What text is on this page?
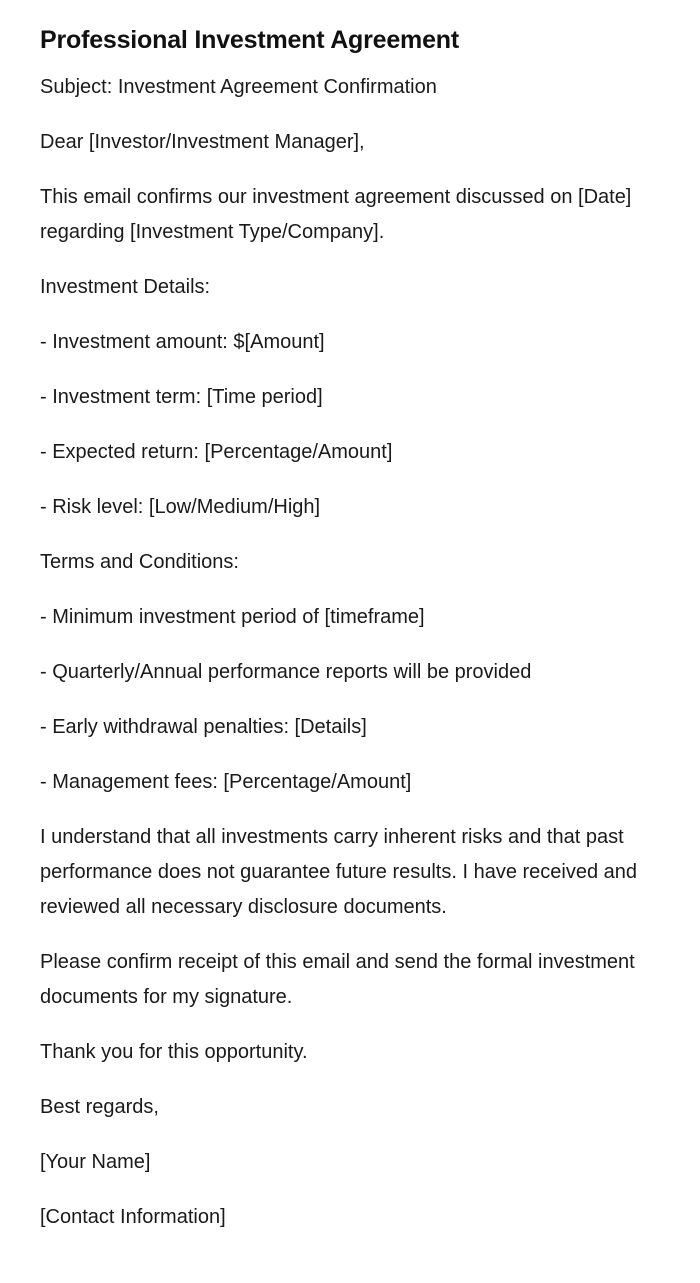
Professional Investment Agreement

Subject: Investment Agreement Confirmation

Dear [Investor/Investment Manager],

This email confirms our investment agreement discussed on [Date] regarding [Investment Type/Company].

Investment Details:

- Investment amount: $[Amount]

- Investment term: [Time period]

- Expected return: [Percentage/Amount]

- Risk level: [Low/Medium/High]

Terms and Conditions:

- Minimum investment period of [timeframe]

- Quarterly/Annual performance reports will be provided

- Early withdrawal penalties: [Details]

- Management fees: [Percentage/Amount]

I understand that all investments carry inherent risks and that past performance does not guarantee future results. I have received and reviewed all necessary disclosure documents.

Please confirm receipt of this email and send the formal investment documents for my signature.

Thank you for this opportunity.

Best regards,

[Your Name]

[Contact Information]
